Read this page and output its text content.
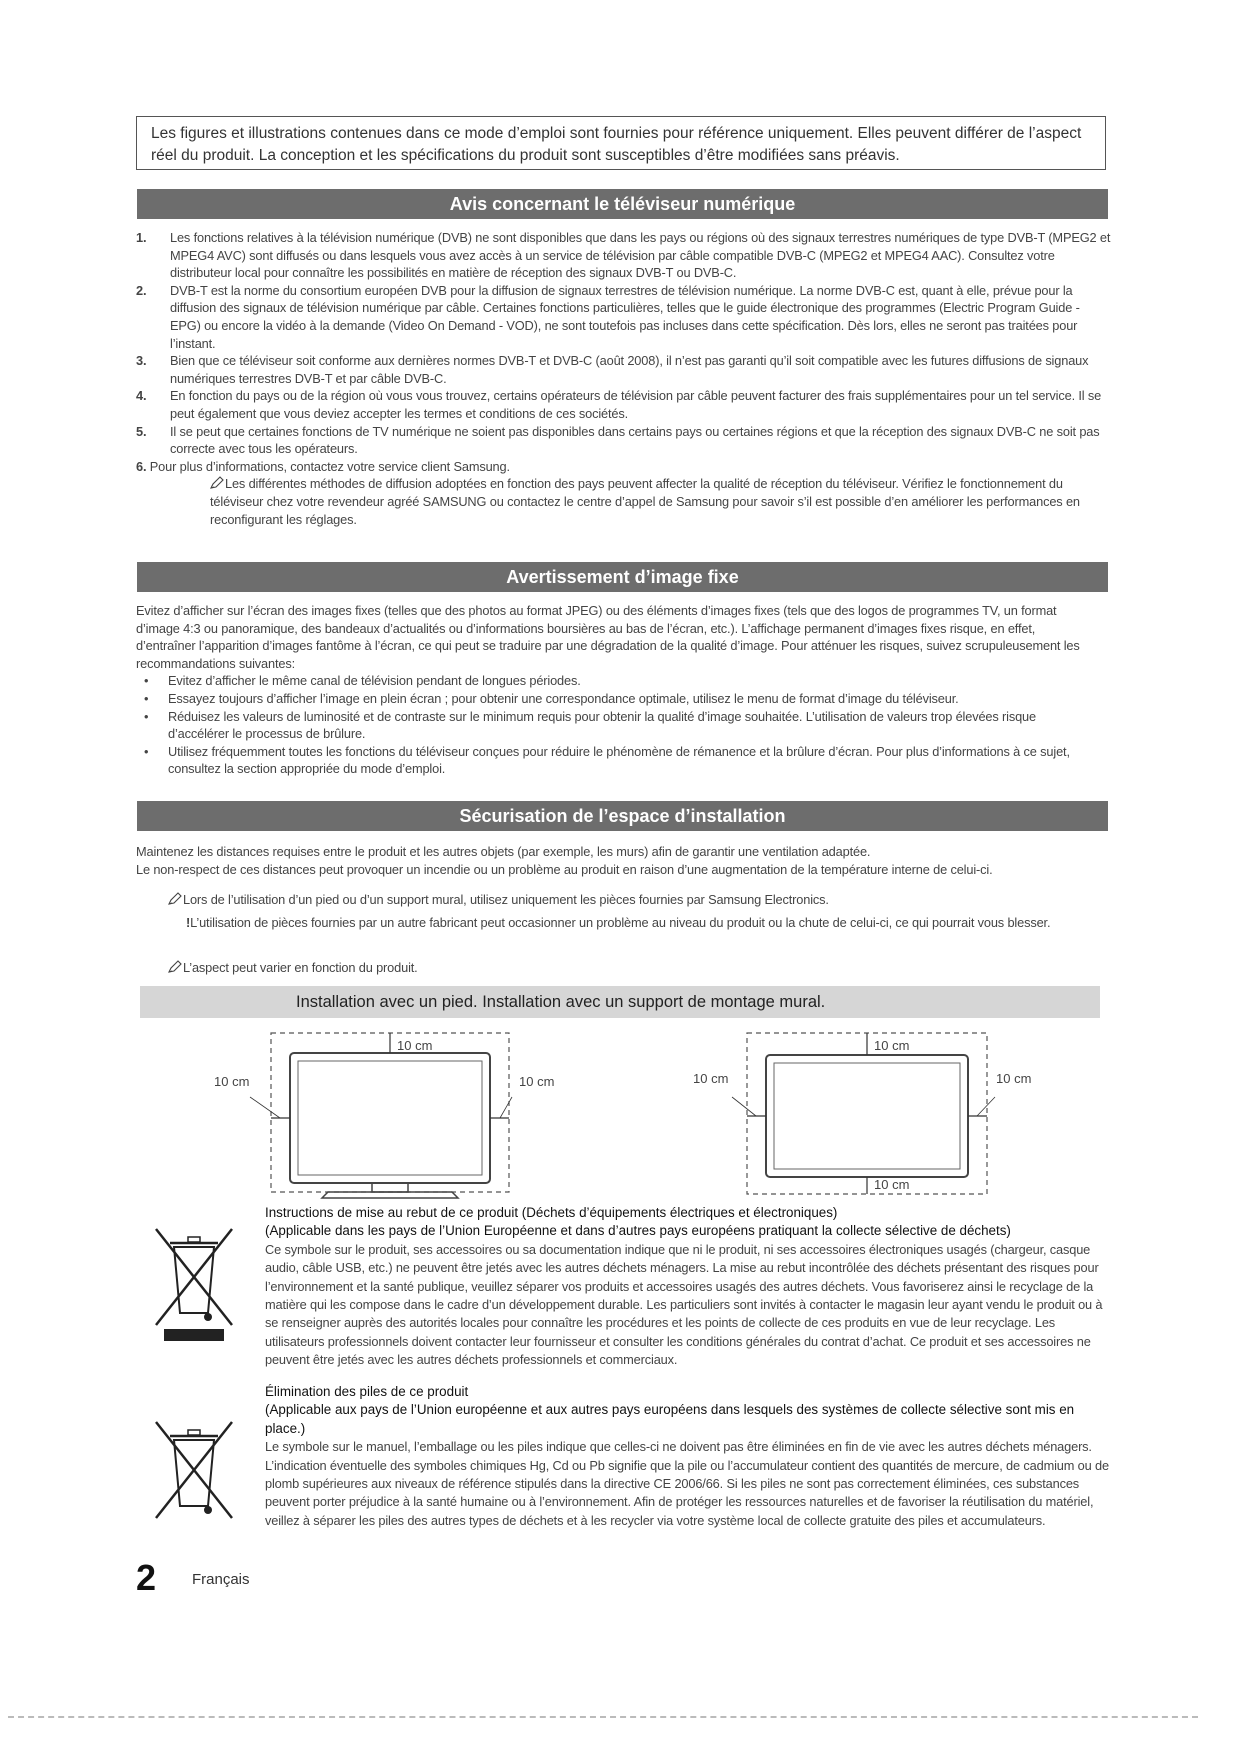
Les figures et illustrations contenues dans ce mode d’emploi sont fournies pour référence uniquement. Elles peuvent différer de l’aspect
réel du produit. La conception et les spécifications du produit sont susceptibles d’être modifiées sans préavis.
Avis concernant le téléviseur numérique
1. Les fonctions relatives à la télévision numérique (DVB) ne sont disponibles que dans les pays ou régions où des signaux terrestres numériques de type DVB-T (MPEG2 et MPEG4 AVC) sont diffusés ou dans lesquels vous avez accès à un service de télévision par câble compatible DVB-C (MPEG2 et MPEG4 AAC). Consultez votre distributeur local pour connaître les possibilités en matière de réception des signaux DVB-T ou DVB-C.
2. DVB-T est la norme du consortium européen DVB pour la diffusion de signaux terrestres de télévision numérique. La norme DVB-C est, quant à elle, prévue pour la diffusion des signaux de télévision numérique par câble. Certaines fonctions particulières, telles que le guide électronique des programmes (Electric Program Guide - EPG) ou encore la vidéo à la demande (Video On Demand - VOD), ne sont toutefois pas incluses dans cette spécification. Dès lors, elles ne seront pas traitées pour l’instant.
3. Bien que ce téléviseur soit conforme aux dernières normes DVB-T et DVB-C (août 2008), il n’est pas garanti qu’il soit compatible avec les futures diffusions de signaux numériques terrestres DVB-T et par câble DVB-C.
4. En fonction du pays ou de la région où vous vous trouvez, certains opérateurs de télévision par câble peuvent facturer des frais supplémentaires pour un tel service. Il se peut également que vous deviez accepter les termes et conditions de ces sociétés.
5. Il se peut que certaines fonctions de TV numérique ne soient pas disponibles dans certains pays ou certaines régions et que la réception des signaux DVB-C ne soit pas correcte avec tous les opérateurs.
6. Pour plus d’informations, contactez votre service client Samsung.
Les différentes méthodes de diffusion adoptées en fonction des pays peuvent affecter la qualité de réception du téléviseur. Vérifiez le fonctionnement du téléviseur chez votre revendeur agréé SAMSUNG ou contactez le centre d’appel de Samsung pour savoir s’il est possible d’en améliorer les performances en reconfigurant les réglages.
Avertissement d’image fixe
Evitez d’afficher sur l’écran des images fixes (telles que des photos au format JPEG) ou des éléments d’images fixes (tels que des logos de programmes TV, un format d’image 4:3 ou panoramique, des bandeaux d’actualités ou d’informations boursières au bas de l’écran, etc.). L’affichage permanent d’images fixes risque, en effet, d’entraîner l’apparition d’images fantôme à l’écran, ce qui peut se traduire par une dégradation de la qualité d’image. Pour atténuer les risques, suivez scrupuleusement les recommandations suivantes:
• Evitez d’afficher le même canal de télévision pendant de longues périodes.
• Essayez toujours d’afficher l’image en plein écran ; pour obtenir une correspondance optimale, utilisez le menu de format d’image du téléviseur.
• Réduisez les valeurs de luminosité et de contraste sur le minimum requis pour obtenir la qualité d’image souhaitée. L’utilisation de valeurs trop élevées risque d’accélérer le processus de brûlure.
• Utilisez fréquemment toutes les fonctions du téléviseur conçues pour réduire le phénomène de rémanence et la brûlure d’écran. Pour plus d’informations à ce sujet, consultez la section appropriée du mode d’emploi.
Sécurisation de l’espace d’installation
Maintenez les distances requises entre le produit et les autres objets (par exemple, les murs) afin de garantir une ventilation adaptée.
Le non-respect de ces distances peut provoquer un incendie ou un problème au produit en raison d’une augmentation de la température interne de celui-ci.
Lors de l’utilisation d’un pied ou d’un support mural, utilisez uniquement les pièces fournies par Samsung Electronics.
!L’utilisation de pièces fournies par un autre fabricant peut occasionner un problème au niveau du produit ou la chute de celui-ci, ce qui pourrait vous blesser.
L’aspect peut varier en fonction du produit.
Installation avec un pied. Installation avec un support de montage mural.
10 cm
10 cm	10 cm
10 cm
10 cm	10 cm
10 cm
Instructions de mise au rebut de ce produit (Déchets d’équipements électriques et électroniques)
(Applicable dans les pays de l’Union Européenne et dans d’autres pays européens pratiquant la collecte sélective de déchets)
Ce symbole sur le produit, ses accessoires ou sa documentation indique que ni le produit, ni ses accessoires électroniques usagés (chargeur, casque audio, câble USB, etc.) ne peuvent être jetés avec les autres déchets ménagers. La mise au rebut incontrôlée des déchets présentant des risques pour l’environnement et la santé publique, veuillez séparer vos produits et accessoires usagés des autres déchets. Vous favoriserez ainsi le recyclage de la matière qui les compose dans le cadre d’un développement durable. Les particuliers sont invités à contacter le magasin leur ayant vendu le produit ou à se renseigner auprès des autorités locales pour connaître les procédures et les points de collecte de ces produits en vue de leur recyclage. Les utilisateurs professionnels doivent contacter leur fournisseur et consulter les conditions générales du contrat d’achat. Ce produit et ses accessoires ne peuvent être jetés avec les autres déchets professionnels et commerciaux.
Élimination des piles de ce produit
(Applicable aux pays de l’Union européenne et aux autres pays européens dans lesquels des systèmes de collecte sélective sont mis en place.)
Le symbole sur le manuel, l’emballage ou les piles indique que celles-ci ne doivent pas être éliminées en fin de vie avec les autres déchets ménagers. L’indication éventuelle des symboles chimiques Hg, Cd ou Pb signifie que la pile ou l’accumulateur contient des quantités de mercure, de cadmium ou de plomb supérieures aux niveaux de référence stipulés dans la directive CE 2006/66. Si les piles ne sont pas correctement éliminées, ces substances peuvent porter préjudice à la santé humaine ou à l’environnement. Afin de protéger les ressources naturelles et de favoriser la réutilisation du matériel, veillez à séparer les piles des autres types de déchets et à les recycler via votre système local de collecte gratuite des piles et accumulateurs.
2 Français
